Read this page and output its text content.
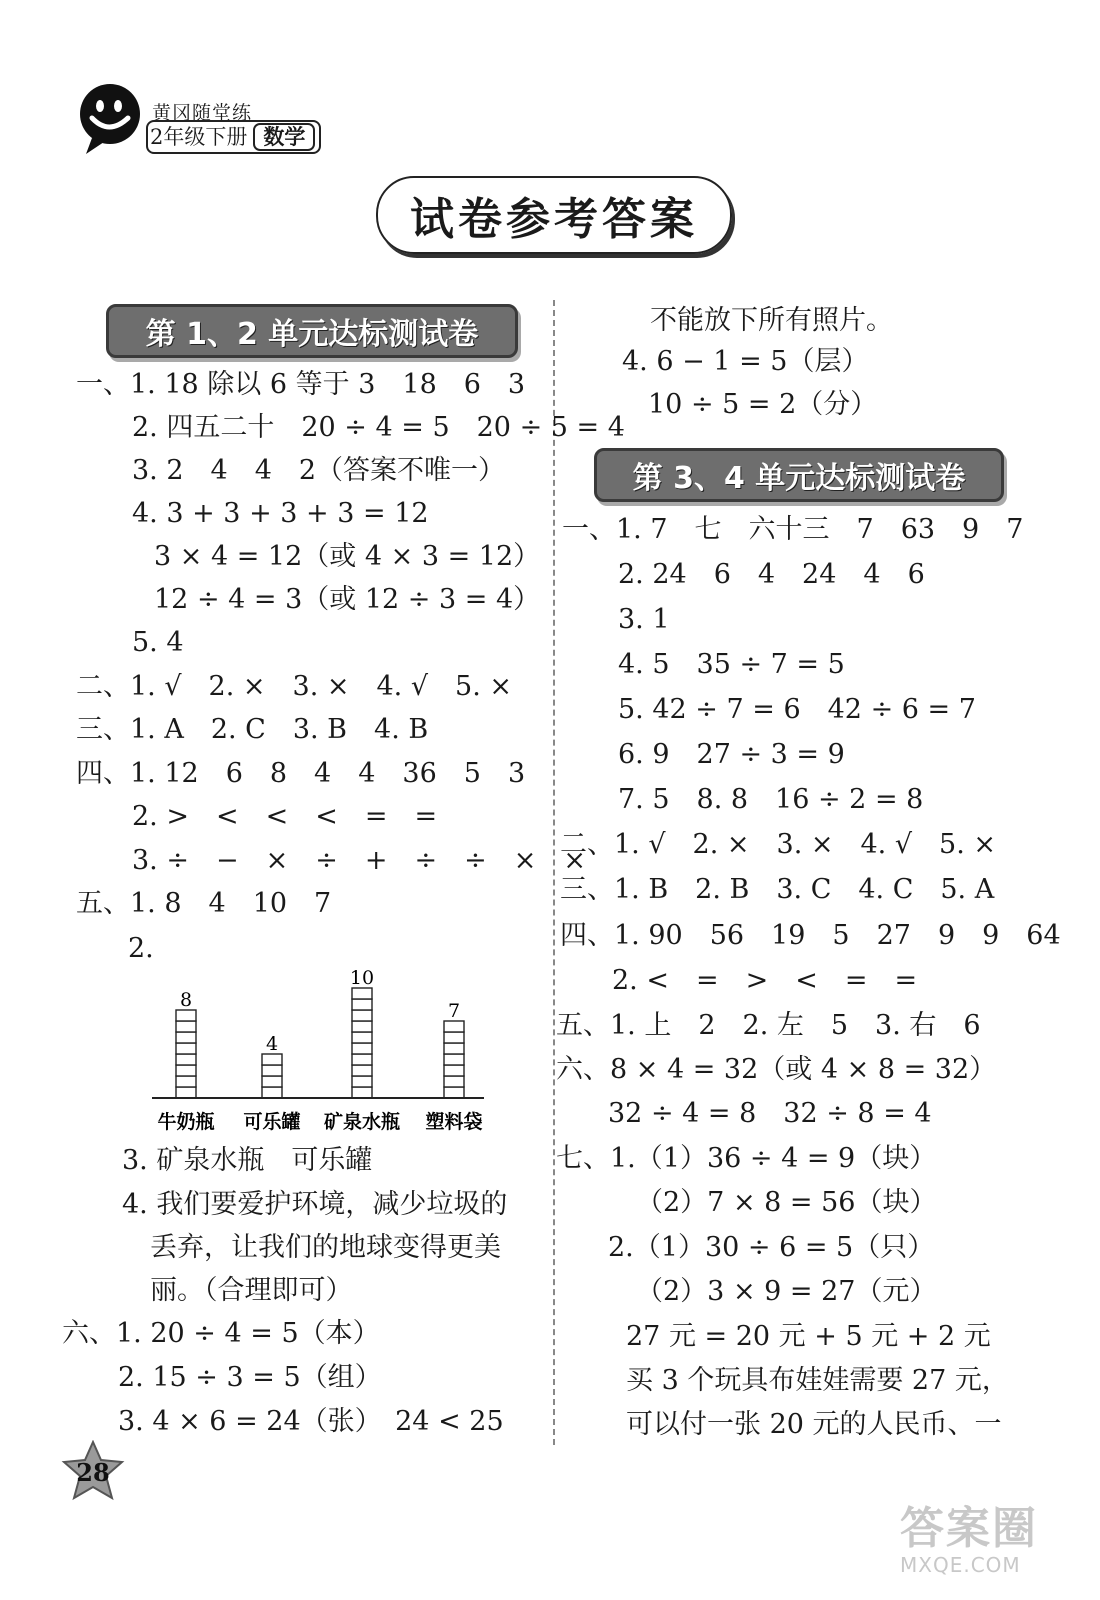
黄冈随堂练
2年级下册 数学
试卷参考答案
第 1、2 单元达标测试卷
一、1. 18 除以 6 等于 3　18　6　3
2. 四五二十　20 ÷ 4 = 5　20 ÷ 5 = 4
3. 2　4　4　2（答案不唯一）
4. 3 + 3 + 3 + 3 = 12
3 × 4 = 12（或 4 × 3 = 12）
12 ÷ 4 = 3（或 12 ÷ 3 = 4）
5. 4
二、1. √　2. ×　3. ×　4. √　5. ×
三、1. A　2. C　3. B　4. B
四、1. 12　6　8　4　4　36　5　3
2. >　<　<　<　=　=
3. ÷　−　×　÷　+　÷　÷　×　×
五、1. 8　4　10　7
2.
8
牛奶瓶
4
可乐罐
10
矿泉水瓶
7
塑料袋
3. 矿泉水瓶　可乐罐
4. 我们要爱护环境，减少垃圾的
丢弃，让我们的地球变得更美
丽。（合理即可）
六、1. 20 ÷ 4 = 5（本）
2. 15 ÷ 3 = 5（组）
3. 4 × 6 = 24（张）　24 < 25
不能放下所有照片。
4. 6 − 1 = 5（层）
10 ÷ 5 = 2（分）
第 3、4 单元达标测试卷
一、1. 7　七　六十三　7　63　9　7
2. 24　6　4　24　4　6
3. 1
4. 5　35 ÷ 7 = 5
5. 42 ÷ 7 = 6　42 ÷ 6 = 7
6. 9　27 ÷ 3 = 9
7. 5　8. 8　16 ÷ 2 = 8
二、1. √　2. ×　3. ×　4. √　5. ×
三、1. B　2. B　3. C　4. C　5. A
四、1. 90　56　19　5　27　9　9　64
2. <　=　>　<　=　=
五、1. 上　2　2. 左　5　3. 右　6
六、8 × 4 = 32（或 4 × 8 = 32）
32 ÷ 4 = 8　32 ÷ 8 = 4
七、1.（1）36 ÷ 4 = 9（块）
（2）7 × 8 = 56（块）
2.（1）30 ÷ 6 = 5（只）
（2）3 × 9 = 27（元）
27 元 = 20 元 + 5 元 + 2 元
买 3 个玩具布娃娃需要 27 元，
可以付一张 20 元的人民币、一
28
答案圈
MXQE.COM
